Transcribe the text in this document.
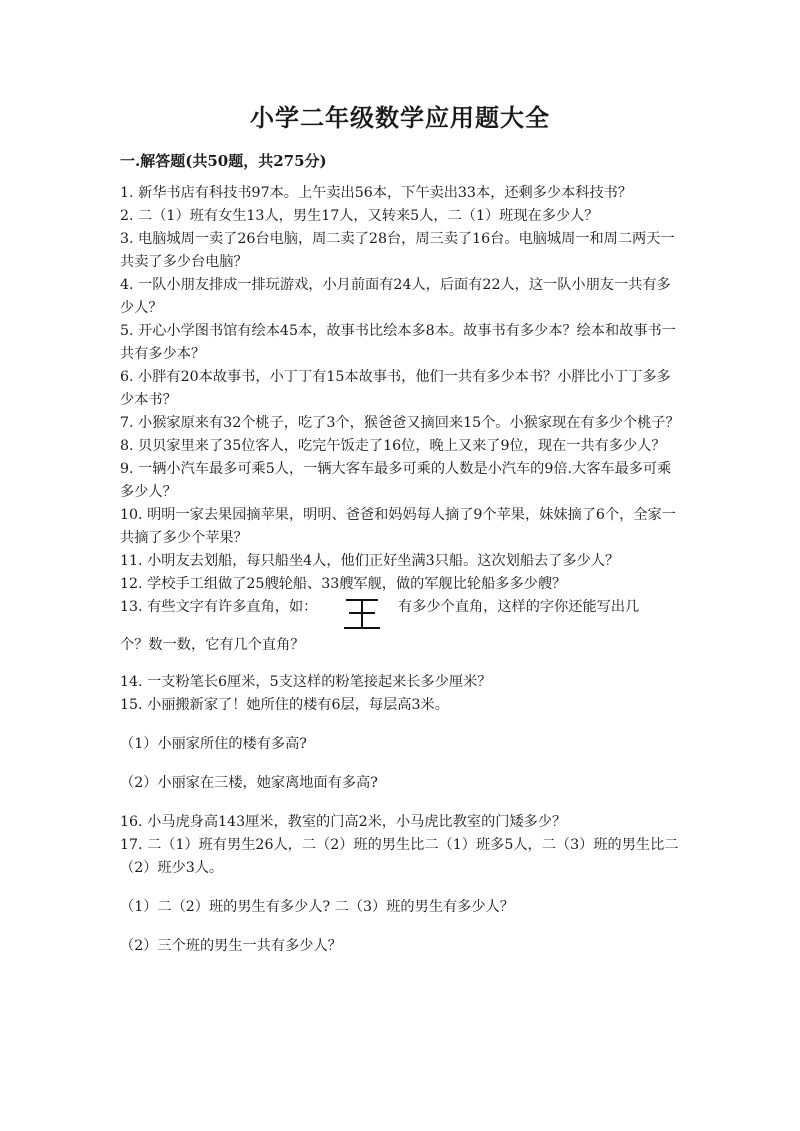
小学二年级数学应用题大全
一.解答题(共50题，共275分)

1. 新华书店有科技书97本。上午卖出56本，下午卖出33本，还剩多少本科技书？

2. 二（1）班有女生13人，男生17人，又转来5人，二（1）班现在多少人？

3. 电脑城周一卖了26台电脑，周二卖了28台，周三卖了16台。电脑城周一和周二两天一共卖了多少台电脑？

4. 一队小朋友排成一排玩游戏，小月前面有24人，后面有22人，这一队小朋友一共有多少人？

5. 开心小学图书馆有绘本45本，故事书比绘本多8本。故事书有多少本？绘本和故事书一共有多少本？

6. 小胖有20本故事书，小丁丁有15本故事书，他们一共有多少本书？小胖比小丁丁多多少本书？

7. 小猴家原来有32个桃子，吃了3个，猴爸爸又摘回来15个。小猴家现在有多少个桃子？

8. 贝贝家里来了35位客人，吃完午饭走了16位，晚上又来了9位，现在一共有多少人？

9. 一辆小汽车最多可乘5人，一辆大客车最多可乘的人数是小汽车的9倍.大客车最多可乘多少人？

10. 明明一家去果园摘苹果，明明、爸爸和妈妈每人摘了9个苹果，妹妹摘了6个，全家一共摘了多少个苹果？

11. 小明友去划船，每只船坐4人，他们正好坐满3只船。这次划船去了多少人？

12. 学校手工组做了25艘轮船、33艘军舰，做的军舰比轮船多多少艘？

13. 有些文字有许多直角，如：	有多少个直角，这样的字你还能写出几

个？数一数，它有几个直角？

14. 一支粉笔长6厘米，5支这样的粉笔接起来长多少厘米？

15. 小丽搬新家了！她所住的楼有6层，每层高3米。

（1）小丽家所住的楼有多高?

（2）小丽家在三楼，她家离地面有多高?

16. 小马虎身高143厘米，教室的门高2米，小马虎比教室的门矮多少？

17. 二（1）班有男生26人，二（2）班的男生比二（1）班多5人，二（3）班的男生比二（2）班少3人。

（1）二（2）班的男生有多少人? 二（3）班的男生有多少人？

（2）三个班的男生一共有多少人？
